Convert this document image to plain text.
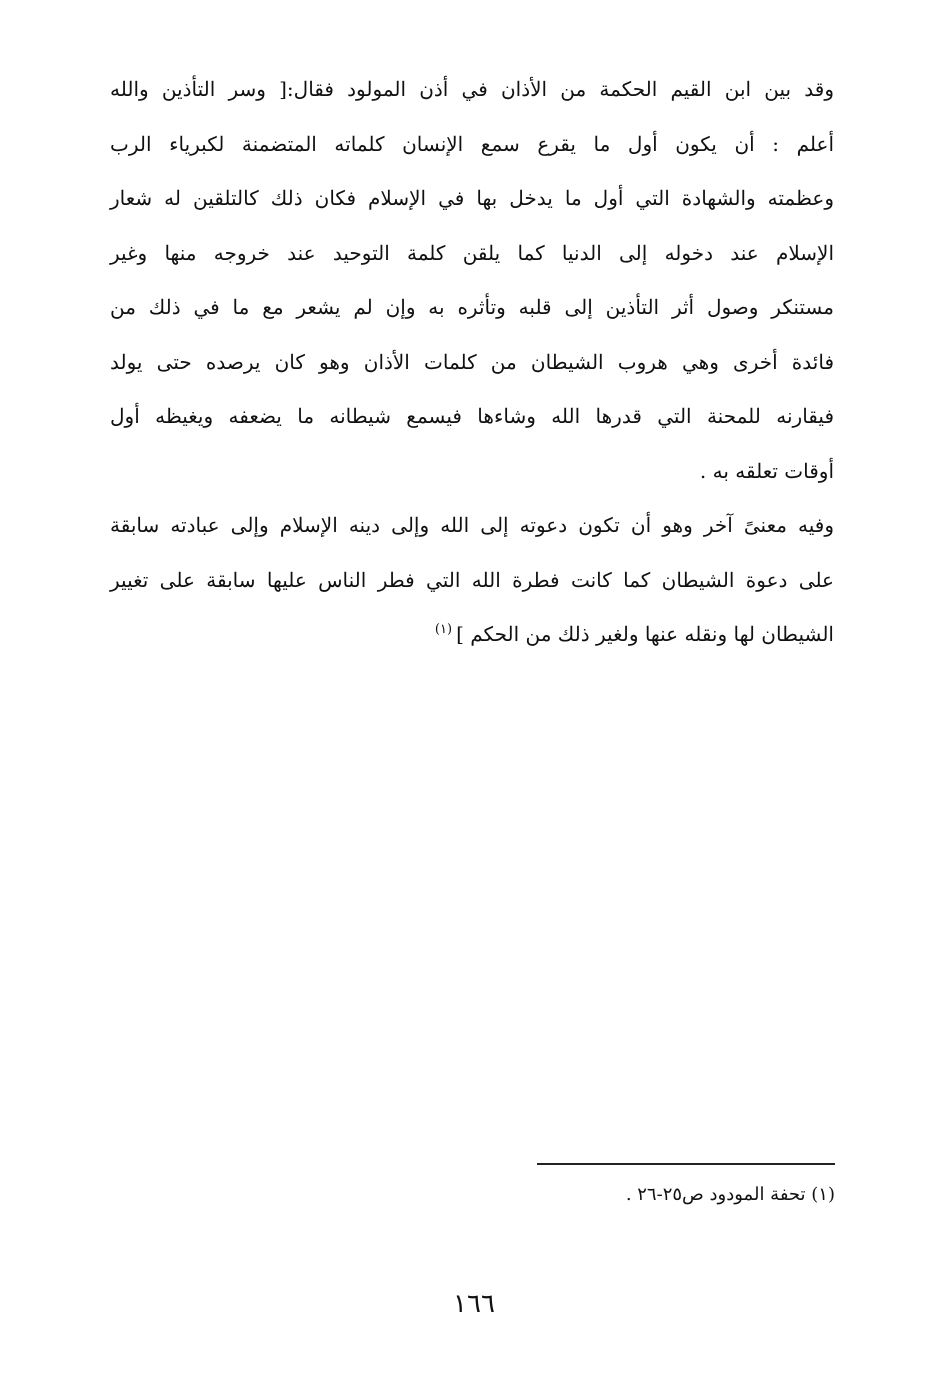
وقد بين ابن القيم الحكمة من الأذان في أذن المولود فقال:[ وسر التأذين والله
أعلم : أن يكون أول ما يقرع سمع الإنسان كلماته المتضمنة لكبرياء الرب
وعظمته والشهادة التي أول ما يدخل بها في الإسلام فكان ذلك كالتلقين له شعار
الإسلام عند دخوله إلى الدنيا كما يلقن كلمة التوحيد عند خروجه منها وغير
مستنكر وصول أثر التأذين إلى قلبه وتأثره به وإن لم يشعر مع ما في ذلك من
فائدة أخرى وهي هروب الشيطان من كلمات الأذان وهو كان يرصده حتى يولد
فيقارنه للمحنة التي قدرها الله وشاءها فيسمع شيطانه ما يضعفه ويغيظه أول
أوقات تعلقه به .
وفيه معنىً آخر وهو أن تكون دعوته إلى الله وإلى دينه الإسلام وإلى عبادته سابقة
على دعوة الشيطان كما كانت فطرة الله التي فطر الناس عليها سابقة على تغيير
الشيطان لها ونقله عنها ولغير ذلك من الحكم ]$^{(١)}$
(١) تحفة المودود ص٢٥-٢٦ .
١٦٦
